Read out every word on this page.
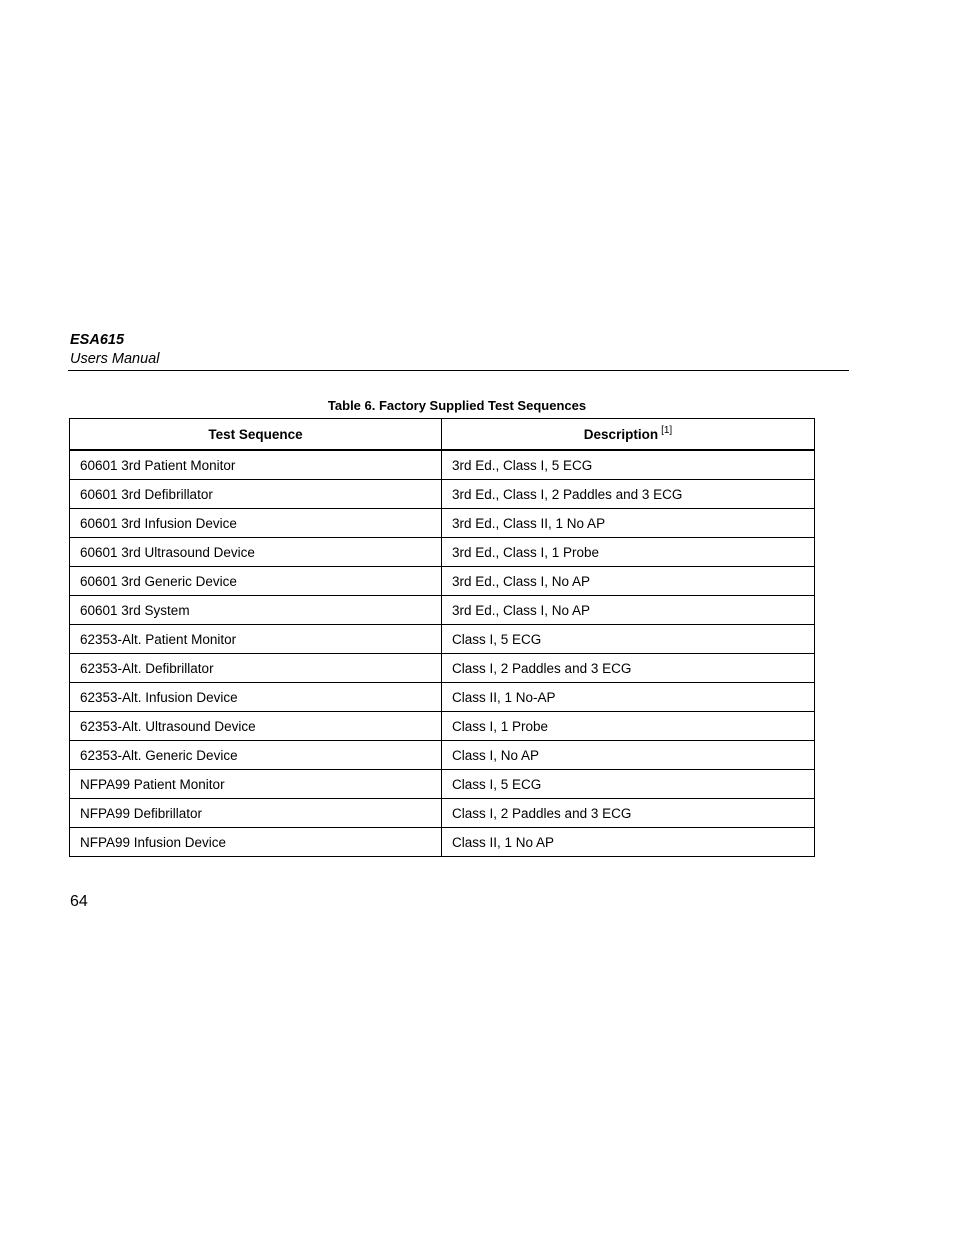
ESA615
Users Manual
Table 6. Factory Supplied Test Sequences
Test Sequence	Description [1]
60601 3rd Patient Monitor	3rd Ed., Class I, 5 ECG
60601 3rd Defibrillator	3rd Ed., Class I, 2 Paddles and 3 ECG
60601 3rd Infusion Device	3rd Ed., Class II, 1 No AP
60601 3rd Ultrasound Device	3rd Ed., Class I, 1 Probe
60601 3rd Generic Device	3rd Ed., Class I, No AP
60601 3rd System	3rd Ed., Class I, No AP
62353-Alt. Patient Monitor	Class I, 5 ECG
62353-Alt. Defibrillator	Class I, 2 Paddles and 3 ECG
62353-Alt. Infusion Device	Class II, 1 No-AP
62353-Alt. Ultrasound Device	Class I, 1 Probe
62353-Alt. Generic Device	Class I, No AP
NFPA99 Patient Monitor	Class I, 5 ECG
NFPA99 Defibrillator	Class I, 2 Paddles and 3 ECG
NFPA99 Infusion Device	Class II, 1 No AP
64
